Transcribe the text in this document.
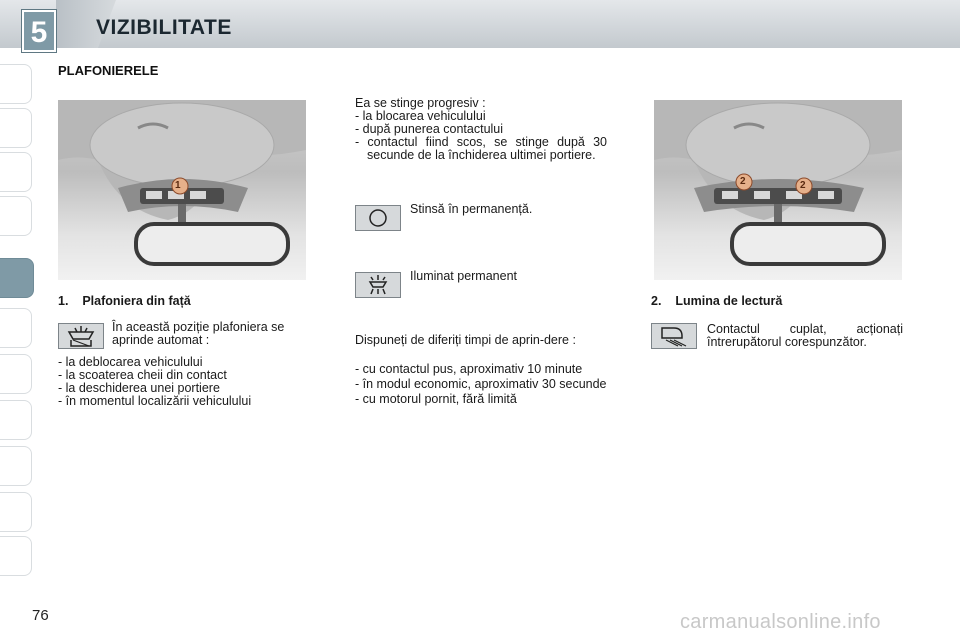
5	VIZIBILITATE
PLAFONIERELE
1	2	2
1. Plafoniera din față
În această poziție plafoniera se aprinde automat :
- la deblocarea vehiculului
- la scoaterea cheii din contact
- la deschiderea unei portiere
- în momentul localizării vehiculului
Ea se stinge progresiv :
- la blocarea vehiculului
- după punerea contactului
- contactul fiind scos, se stinge după 30 secunde de la închiderea ultimei portiere.
Stinsă în permanență.
Iluminat permanent
Dispuneți de diferiți timpi de aprin-dere :
- cu contactul pus, aproximativ 10 minute
- în modul economic, aproximativ 30 secunde
- cu motorul pornit, fără limită
2. Lumina de lectură
Contactul cuplat, acționați întrerupătorul corespunzător.
76	carmanualsonline.info
